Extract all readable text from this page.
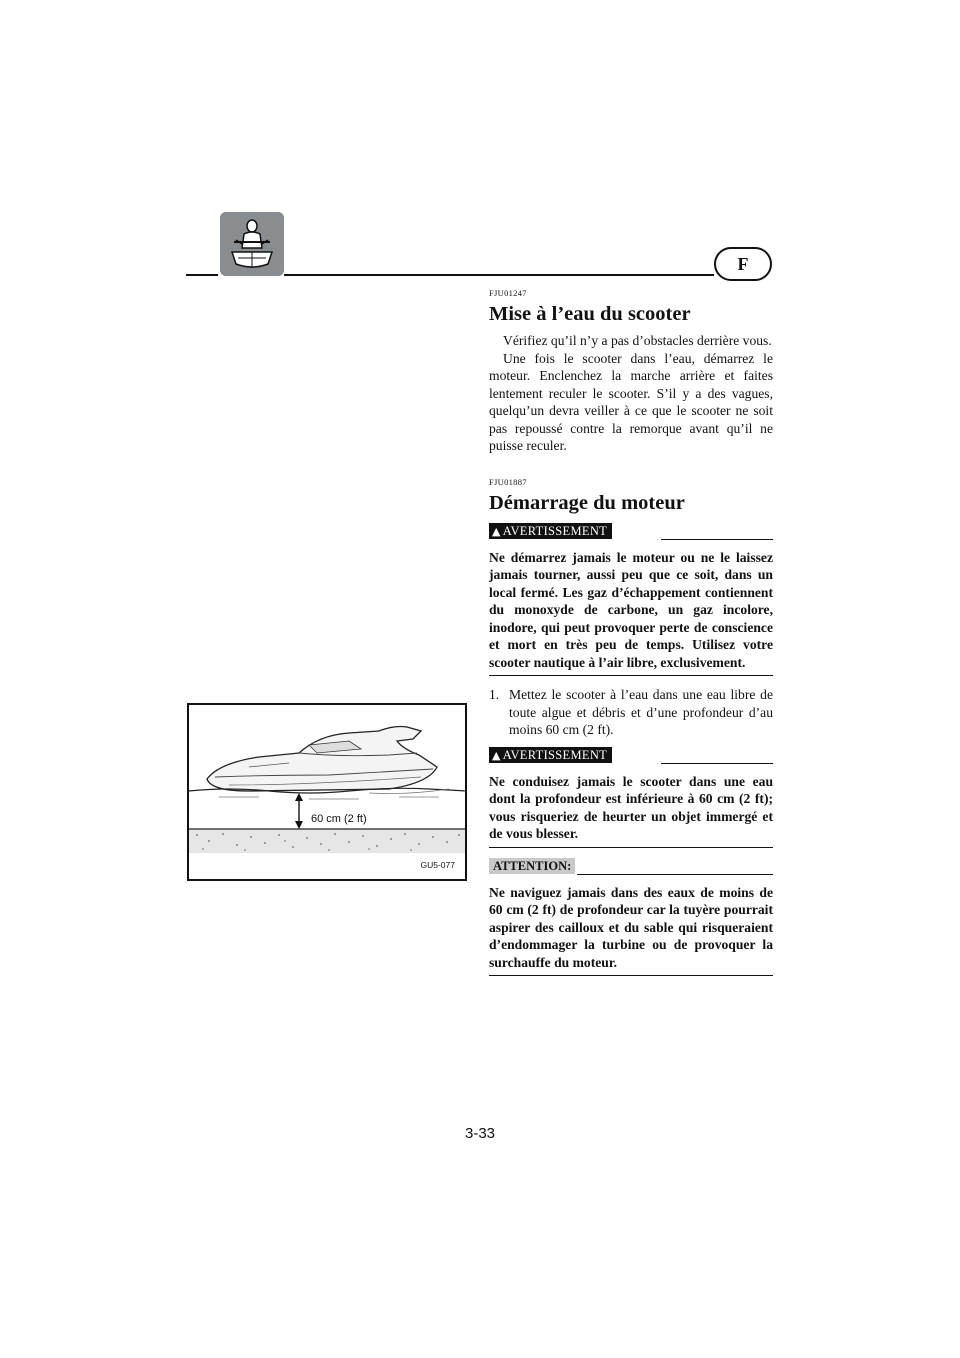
F
60 cm (2 ft)
GU5-077

FJU01247

Mise à l’eau du scooter

Vérifiez qu’il n’y a pas d’obstacles derrière vous.

Une fois le scooter dans l’eau, démarrez le moteur. Enclenchez la marche arrière et faites lentement reculer le scooter. S’il y a des vagues, quelqu’un devra veiller à ce que le scooter ne soit pas repoussé contre la remorque avant qu’il ne puisse reculer.

FJU01887

Démarrage du moteur
▲ AVERTISSEMENT

Ne démarrez jamais le moteur ou ne le laissez jamais tourner, aussi peu que ce soit, dans un local fermé. Les gaz d’échappement contiennent du monoxyde de carbone, un gaz incolore, inodore, qui peut provoquer perte de conscience et mort en très peu de temps. Utilisez votre scooter nautique à l’air libre, exclusivement.

1. Mettez le scooter à l’eau dans une eau libre de toute algue et débris et d’une profondeur d’au moins 60 cm (2 ft).
▲ AVERTISSEMENT

Ne conduisez jamais le scooter dans une eau dont la profondeur est inférieure à 60 cm (2 ft); vous risqueriez de heurter un objet immergé et de vous blesser.

ATTENTION:

Ne naviguez jamais dans des eaux de moins de 60 cm (2 ft) de profondeur car la tuyère pourrait aspirer des cailloux et du sable qui risqueraient d’endommager la turbine ou de provoquer la surchauffe du moteur.

3-33
